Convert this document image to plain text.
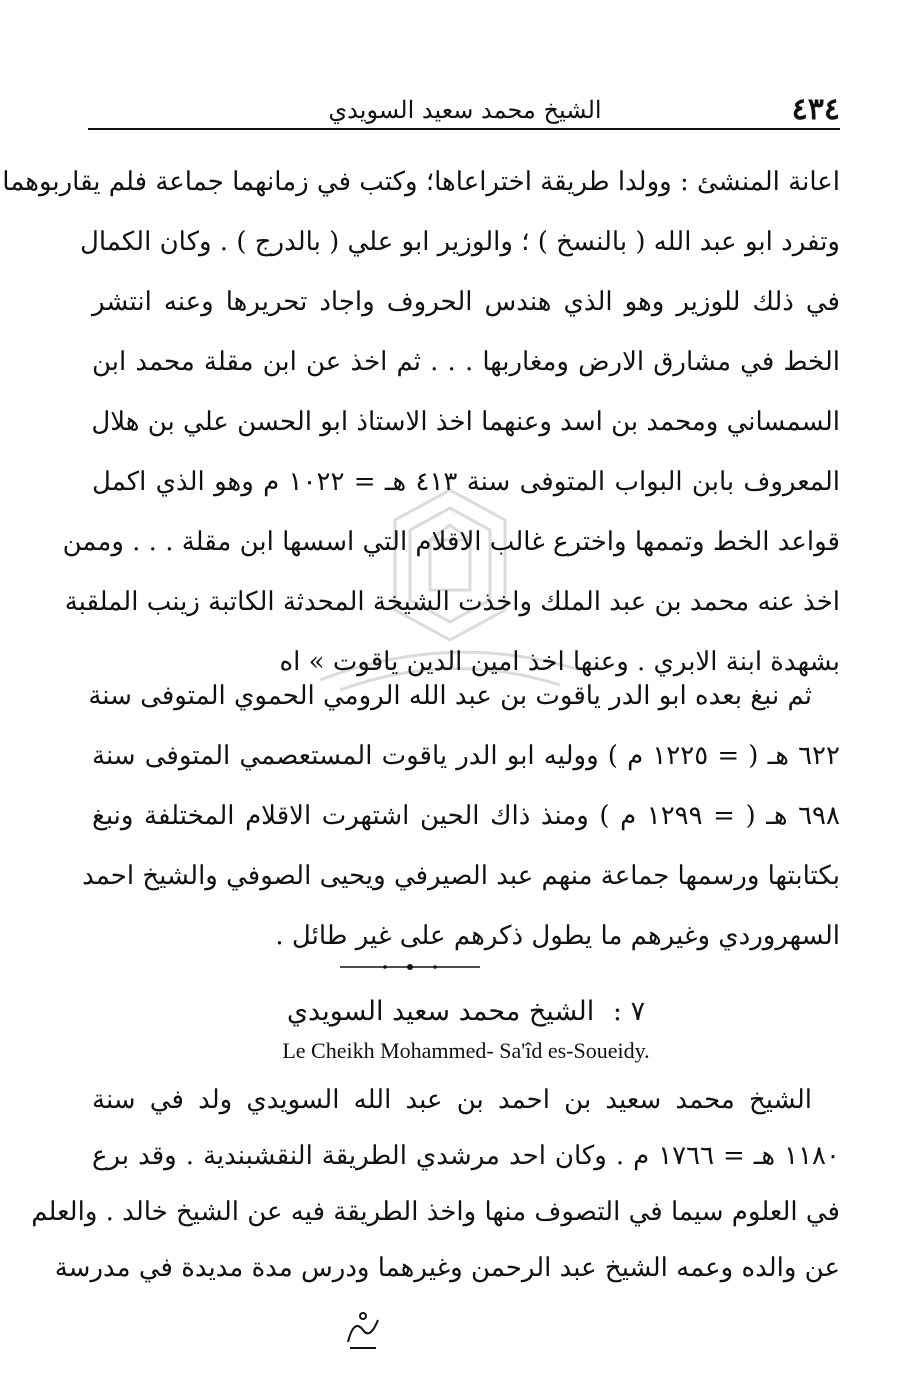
٤٣٤
الشيخ محمد سعيد السويدي
اعانة المنشئ : وولدا طريقة اختراعاها؛ وكتب في زمانهما جماعة فلم يقاربوهما
وتفرد ابو عبد الله ( بالنسخ ) ؛ والوزير ابو علي ( بالدرج ) . وكان الكمال
في ذلك للوزير وهو الذي هندس الحروف واجاد تحريرها وعنه انتشر
الخط في مشارق الارض ومغاربها . . . ثم اخذ عن ابن مقلة محمد ابن
السمساني ومحمد بن اسد وعنهما اخذ الاستاذ ابو الحسن علي بن هلال
المعروف بابن البواب المتوفى سنة ٤١٣ هـ = ١٠٢٢ م وهو الذي اكمل
قواعد الخط وتممها واخترع غالب الاقلام التي اسسها ابن مقلة . . . وممن
اخذ عنه محمد بن عبد الملك واخذت الشيخة المحدثة الكاتبة زينب الملقبة
بشهدة ابنة الابري . وعنها اخذ امين الدين ياقوت » اه
ثم نبغ بعده ابو الدر ياقوت بن عبد الله الرومي الحموي المتوفى سنة
٦٢٢ هـ ( = ١٢٢٥ م ) ووليه ابو الدر ياقوت المستعصمي المتوفى سنة
٦٩٨ هـ ( = ١٢٩٩ م ) ومنذ ذاك الحين اشتهرت الاقلام المختلفة ونبغ
بكتابتها ورسمها جماعة منهم عبد الصيرفي ويحيى الصوفي والشيخ احمد
السهروردي وغيرهم ما يطول ذكرهم على غير طائل .
٧ : الشيخ محمد سعيد السويدي
Le Cheikh Mohammed- Sa'îd es-Soueidy.
الشيخ محمد سعيد بن احمد بن عبد الله السويدي ولد في سنة
١١٨٠ هـ = ١٧٦٦ م . وكان احد مرشدي الطريقة النقشبندية . وقد برع
في العلوم سيما في التصوف منها واخذ الطريقة فيه عن الشيخ خالد . والعلم
عن والده وعمه الشيخ عبد الرحمن وغيرهما ودرس مدة مديدة في مدرسة
